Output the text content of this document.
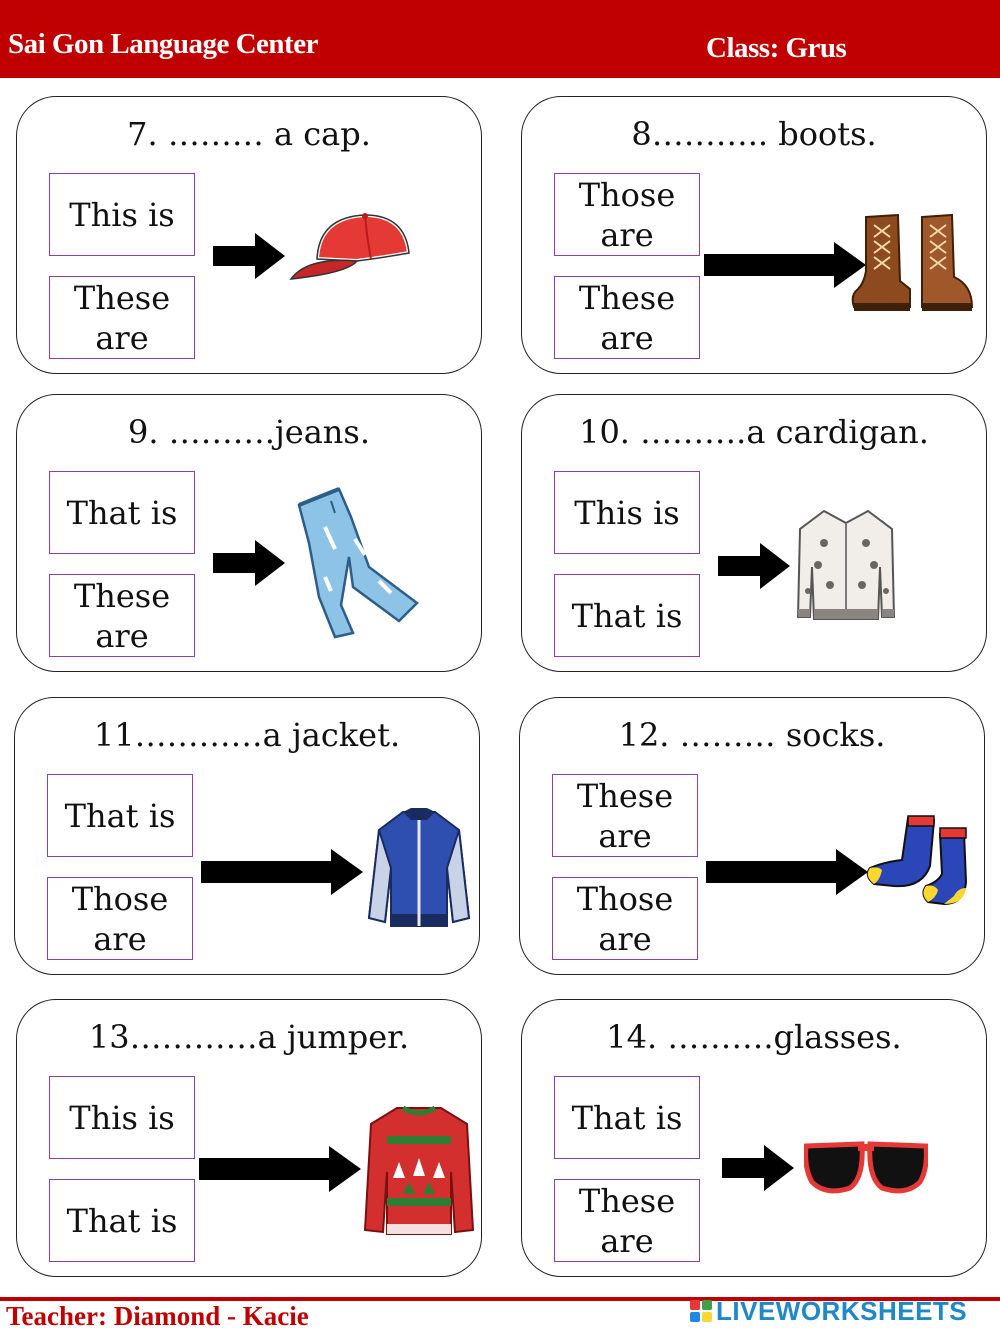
Sai Gon Language Center	Class: Grus
7. ……… a cap.
This is
These
are
8……….. boots.
Those
are
These
are
9. ……….jeans.
That is
These
are
10. ……….a cardigan.
This is
That is
11…………a jacket.
That is
Those
are
12. ……… socks.
These
are
Those
are
13…………a jumper.
This is
That is
14. ……….glasses.
That is
These
are
Teacher: Diamond - Kacie	LIVEWORKSHEETS
